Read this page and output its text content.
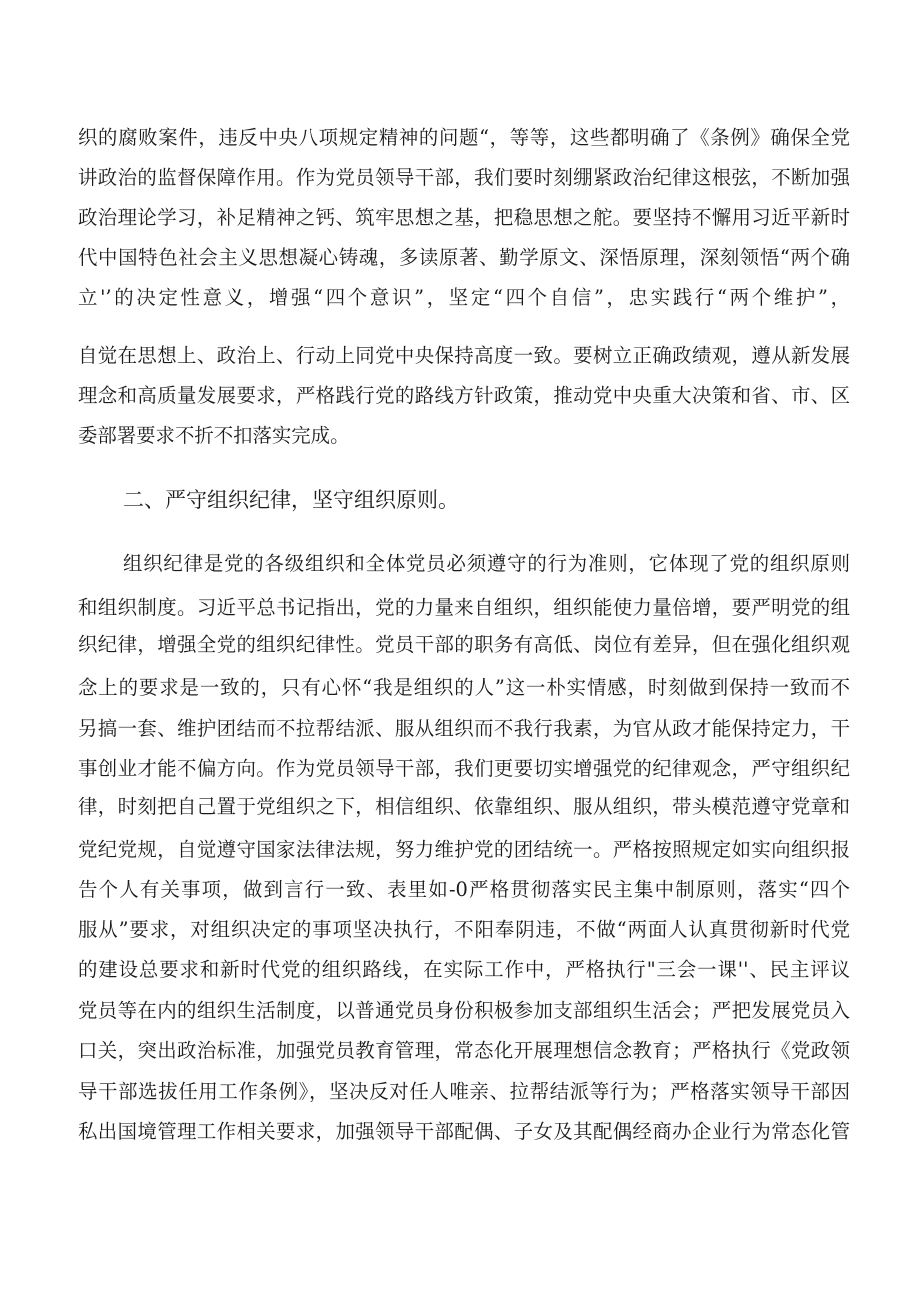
织的腐败案件，违反中央八项规定精神的问题“，等等，这些都明确了《条例》确保全党
讲政治的监督保障作用。作为党员领导干部，我们要时刻绷紧政治纪律这根弦，不断加强
政治理论学习，补足精神之钙、筑牢思想之基，把稳思想之舵。要坚持不懈用习近平新时
代中国特色社会主义思想凝心铸魂，多读原著、勤学原文、深悟原理，深刻领悟“两个确
立'’的决定性意义，增强“四个意识”，坚定“四个自信”，忠实践行“两个维护”，
自觉在思想上、政治上、行动上同党中央保持高度一致。要树立正确政绩观，遵从新发展
理念和高质量发展要求，严格践行党的路线方针政策，推动党中央重大决策和省、市、区
委部署要求不折不扣落实完成。
二、严守组织纪律，坚守组织原则。
组织纪律是党的各级组织和全体党员必须遵守的行为准则，它体现了党的组织原则
和组织制度。习近平总书记指出，党的力量来自组织，组织能使力量倍增，要严明党的组
织纪律，增强全党的组织纪律性。党员干部的职务有高低、岗位有差异，但在强化组织观
念上的要求是一致的，只有心怀“我是组织的人”这一朴实情感，时刻做到保持一致而不
另搞一套、维护团结而不拉帮结派、服从组织而不我行我素，为官从政才能保持定力，干
事创业才能不偏方向。作为党员领导干部，我们更要切实增强党的纪律观念，严守组织纪
律，时刻把自己置于党组织之下，相信组织、依靠组织、服从组织，带头模范遵守党章和
党纪党规，自觉遵守国家法律法规，努力维护党的团结统一。严格按照规定如实向组织报
告个人有关事项，做到言行一致、表里如-0严格贯彻落实民主集中制原则，落实“四个
服从”要求，对组织决定的事项坚决执行，不阳奉阴违，不做“两面人认真贯彻新时代党
的建设总要求和新时代党的组织路线，在实际工作中，严格执行"三会一课''、民主评议
党员等在内的组织生活制度，以普通党员身份积极参加支部组织生活会；严把发展党员入
口关，突出政治标准，加强党员教育管理，常态化开展理想信念教育；严格执行《党政领
导干部选拔任用工作条例》，坚决反对任人唯亲、拉帮结派等行为；严格落实领导干部因
私出国境管理工作相关要求，加强领导干部配偶、子女及其配偶经商办企业行为常态化管
